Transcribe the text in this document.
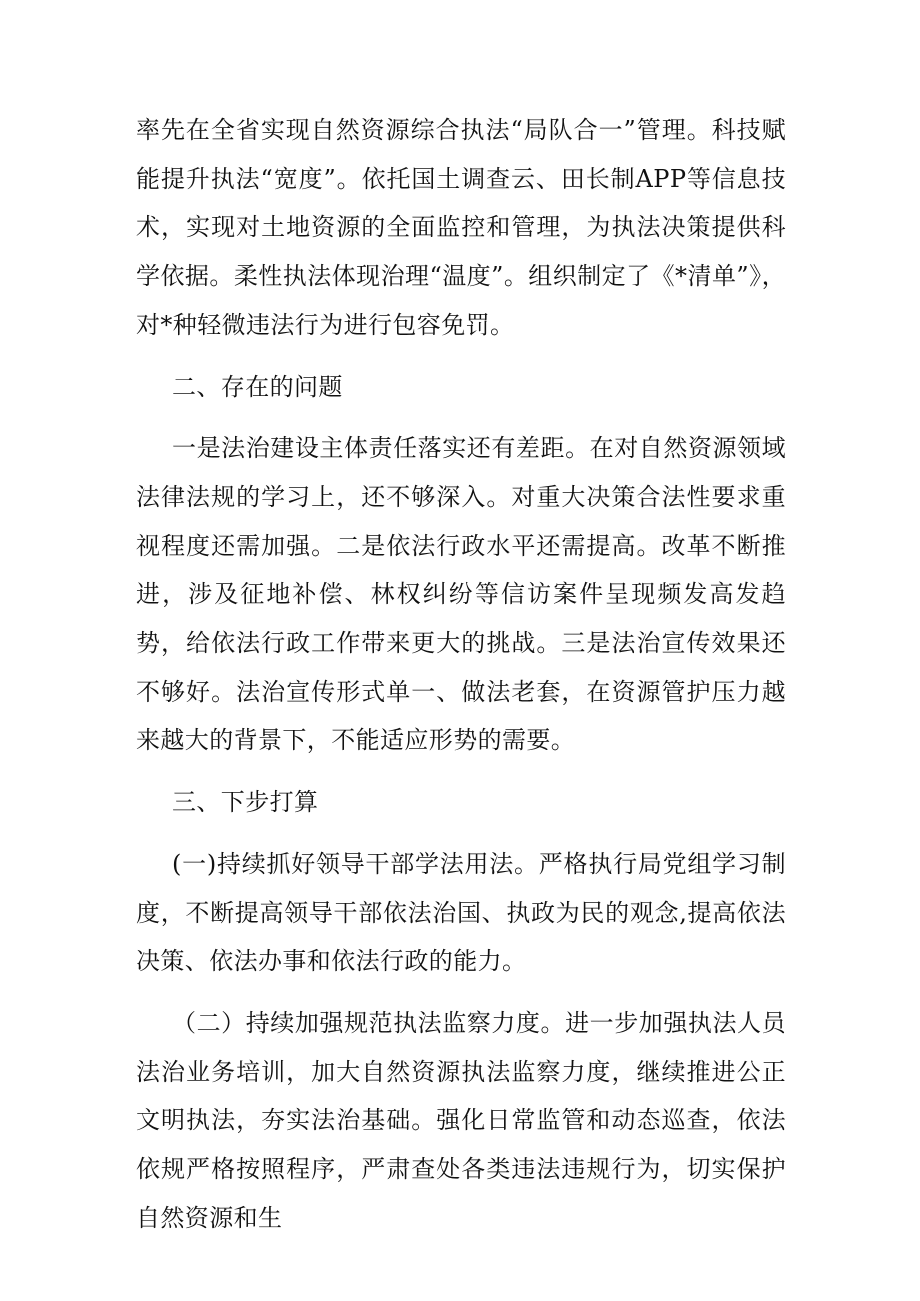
率先在全省实现自然资源综合执法“局队合一”管理。科技赋能提升执法“宽度”。依托国土调查云、田长制APP等信息技术，实现对土地资源的全面监控和管理，为执法决策提供科学依据。柔性执法体现治理“温度”。组织制定了《*清单”》，对*种轻微违法行为进行包容免罚。

二、存在的问题

一是法治建设主体责任落实还有差距。在对自然资源领域法律法规的学习上，还不够深入。对重大决策合法性要求重视程度还需加强。二是依法行政水平还需提高。改革不断推进，涉及征地补偿、林权纠纷等信访案件呈现频发高发趋势，给依法行政工作带来更大的挑战。三是法治宣传效果还不够好。法治宣传形式单一、做法老套，在资源管护压力越来越大的背景下，不能适应形势的需要。

三、下步打算

(一)持续抓好领导干部学法用法。严格执行局党组学习制度，不断提高领导干部依法治国、执政为民的观念,提高依法决策、依法办事和依法行政的能力。

（二）持续加强规范执法监察力度。进一步加强执法人员法治业务培训，加大自然资源执法监察力度，继续推进公正文明执法，夯实法治基础。强化日常监管和动态巡查，依法依规严格按照程序，严肃查处各类违法违规行为，切实保护自然资源和生
